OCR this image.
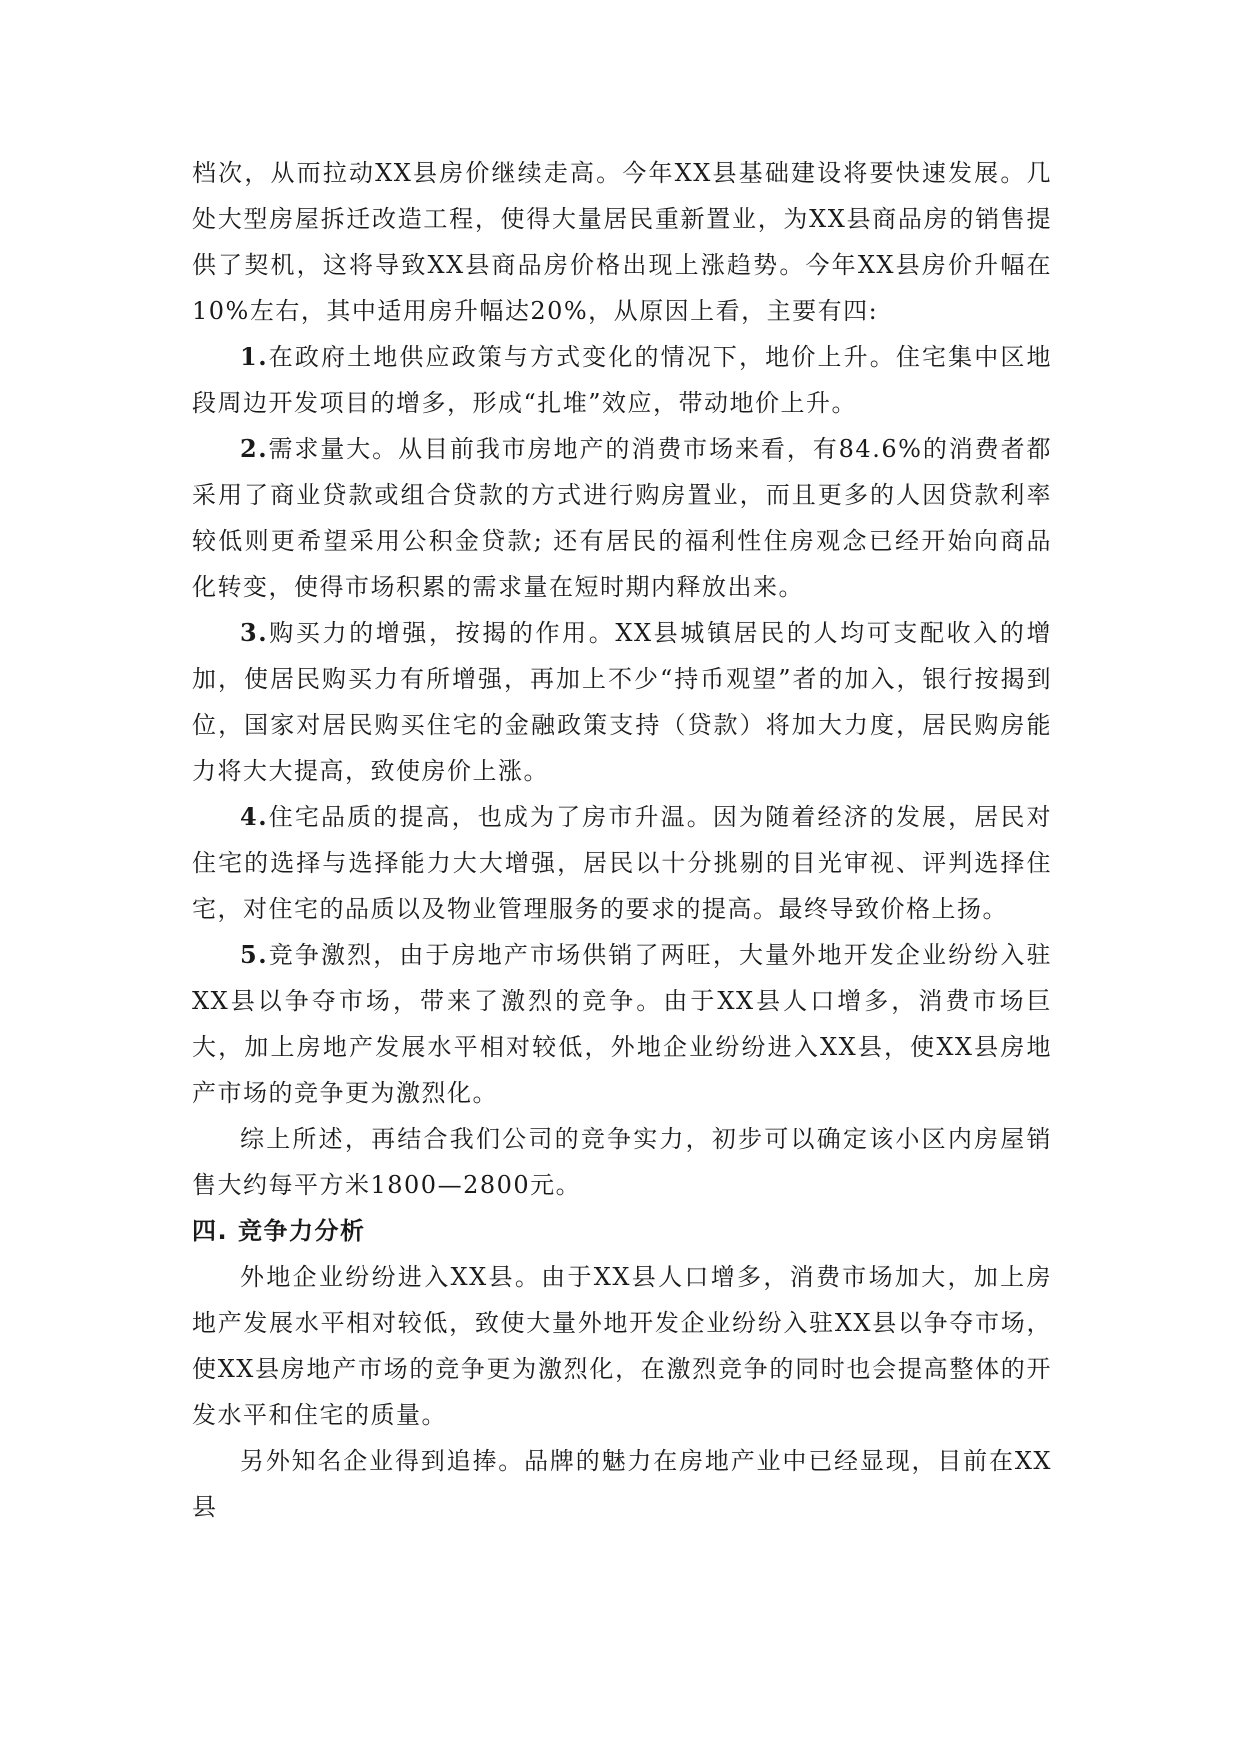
档次，从而拉动XX县房价继续走高。今年XX县基础建设将要快速发展。几处大型房屋拆迁改造工程，使得大量居民重新置业，为XX县商品房的销售提供了契机，这将导致XX县商品房价格出现上涨趋势。今年XX县房价升幅在10%左右，其中适用房升幅达20%，从原因上看，主要有四:

1.在政府土地供应政策与方式变化的情况下，地价上升。住宅集中区地段周边开发项目的增多，形成“扎堆”效应，带动地价上升。

2.需求量大。从目前我市房地产的消费市场来看，有84.6%的消费者都采用了商业贷款或组合贷款的方式进行购房置业，而且更多的人因贷款利率较低则更希望采用公积金贷款; 还有居民的福利性住房观念已经开始向商品化转变，使得市场积累的需求量在短时期内释放出来。

3.购买力的增强，按揭的作用。XX县城镇居民的人均可支配收入的增加，使居民购买力有所增强，再加上不少“持币观望”者的加入，银行按揭到位，国家对居民购买住宅的金融政策支持（贷款）将加大力度，居民购房能力将大大提高，致使房价上涨。

4.住宅品质的提高，也成为了房市升温。因为随着经济的发展，居民对住宅的选择与选择能力大大增强，居民以十分挑剔的目光审视、评判选择住宅，对住宅的品质以及物业管理服务的要求的提高。最终导致价格上扬。

5.竞争激烈，由于房地产市场供销了两旺，大量外地开发企业纷纷入驻XX县以争夺市场，带来了激烈的竞争。由于XX县人口增多，消费市场巨大，加上房地产发展水平相对较低，外地企业纷纷进入XX县，使XX县房地产市场的竞争更为激烈化。

综上所述，再结合我们公司的竞争实力，初步可以确定该小区内房屋销售大约每平方米1800—2800元。

四. 竞争力分析

外地企业纷纷进入XX县。由于XX县人口增多，消费市场加大，加上房地产发展水平相对较低，致使大量外地开发企业纷纷入驻XX县以争夺市场，使XX县房地产市场的竞争更为激烈化，在激烈竞争的同时也会提高整体的开发水平和住宅的质量。

另外知名企业得到追捧。品牌的魅力在房地产业中已经显现，目前在XX县
